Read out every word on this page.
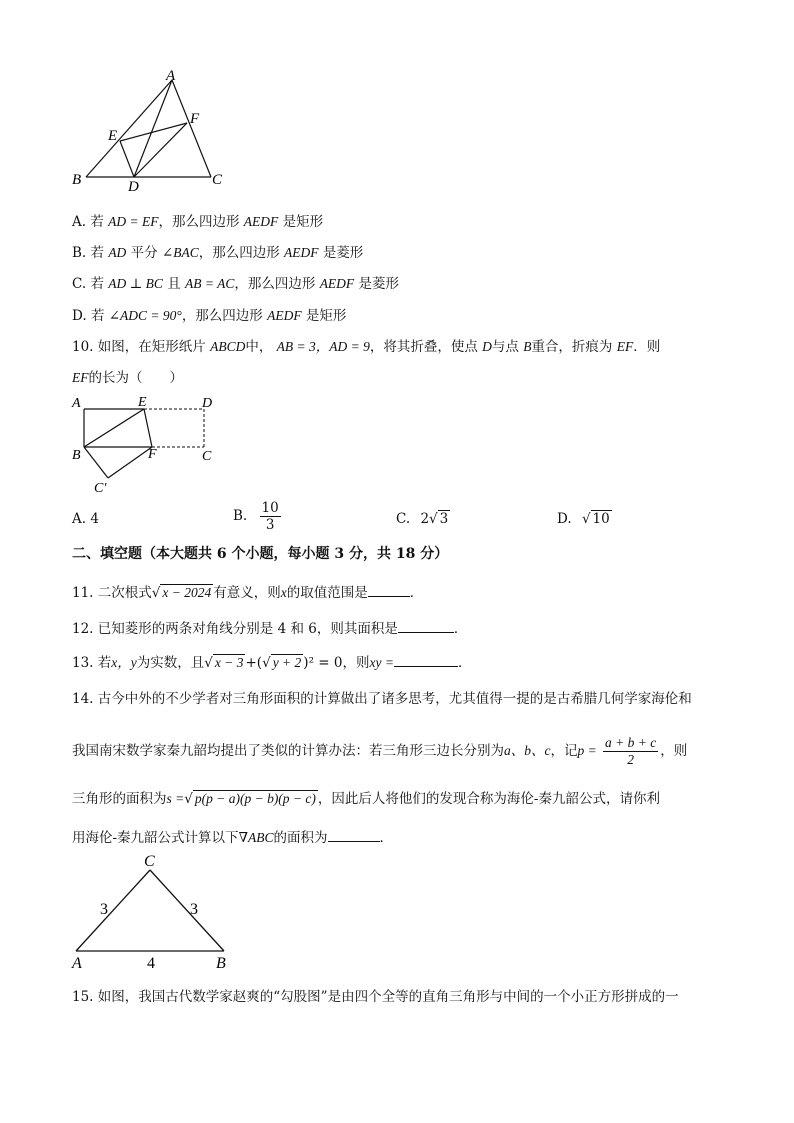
A
E
F
B	D	C
A. 若 AD = EF，那么四边形 AEDF 是矩形
B. 若 AD 平分 ∠BAC，那么四边形 AEDF 是菱形
C. 若 AD ⊥ BC 且 AB = AC，那么四边形 AEDF 是菱形
D. 若 ∠ADC = 90°，那么四边形 AEDF 是矩形
10. 如图，在矩形纸片 ABCD中， AB = 3，AD = 9，将其折叠，使点 D与点 B重合，折痕为 EF．则
EF的长为（　　）
A	E	D
B	F	C
C′
A. 4	B. $\frac{10}{3}$	C. 2√ 3	D. √ 10
二、填空题（本大题共 6 个小题，每小题 3 分，共 18 分）
11. 二次根式√ x − 2024 有意义，则x的取值范围是	．
12. 已知菱形的两条对角线分别是 4 和 6，则其面积是	．
13. 若x，y为实数，且√ x − 3 +(√ y + 2 )² = 0，则xy =	．
14. 古今中外的不少学者对三角形面积的计算做出了诸多思考，尤其值得一提的是古希腊几何学家海伦和
我国南宋数学家秦九韶均提出了类似的计算办法：若三角形三边长分别为a、b、c，记$p = \frac{a + b + c}{2}$ ，则
三角形的面积为s =√ p(p − a)(p − b)(p − c) ，因此后人将他们的发现合称为海伦-秦九韶公式，请你利
用海伦-秦九韶公式计算以下∇ABC的面积为	．
C
A	B
3	3
4
15. 如图，我国古代数学家赵爽的“勾股图”是由四个全等的直角三角形与中间的一个小正方形拼成的一
